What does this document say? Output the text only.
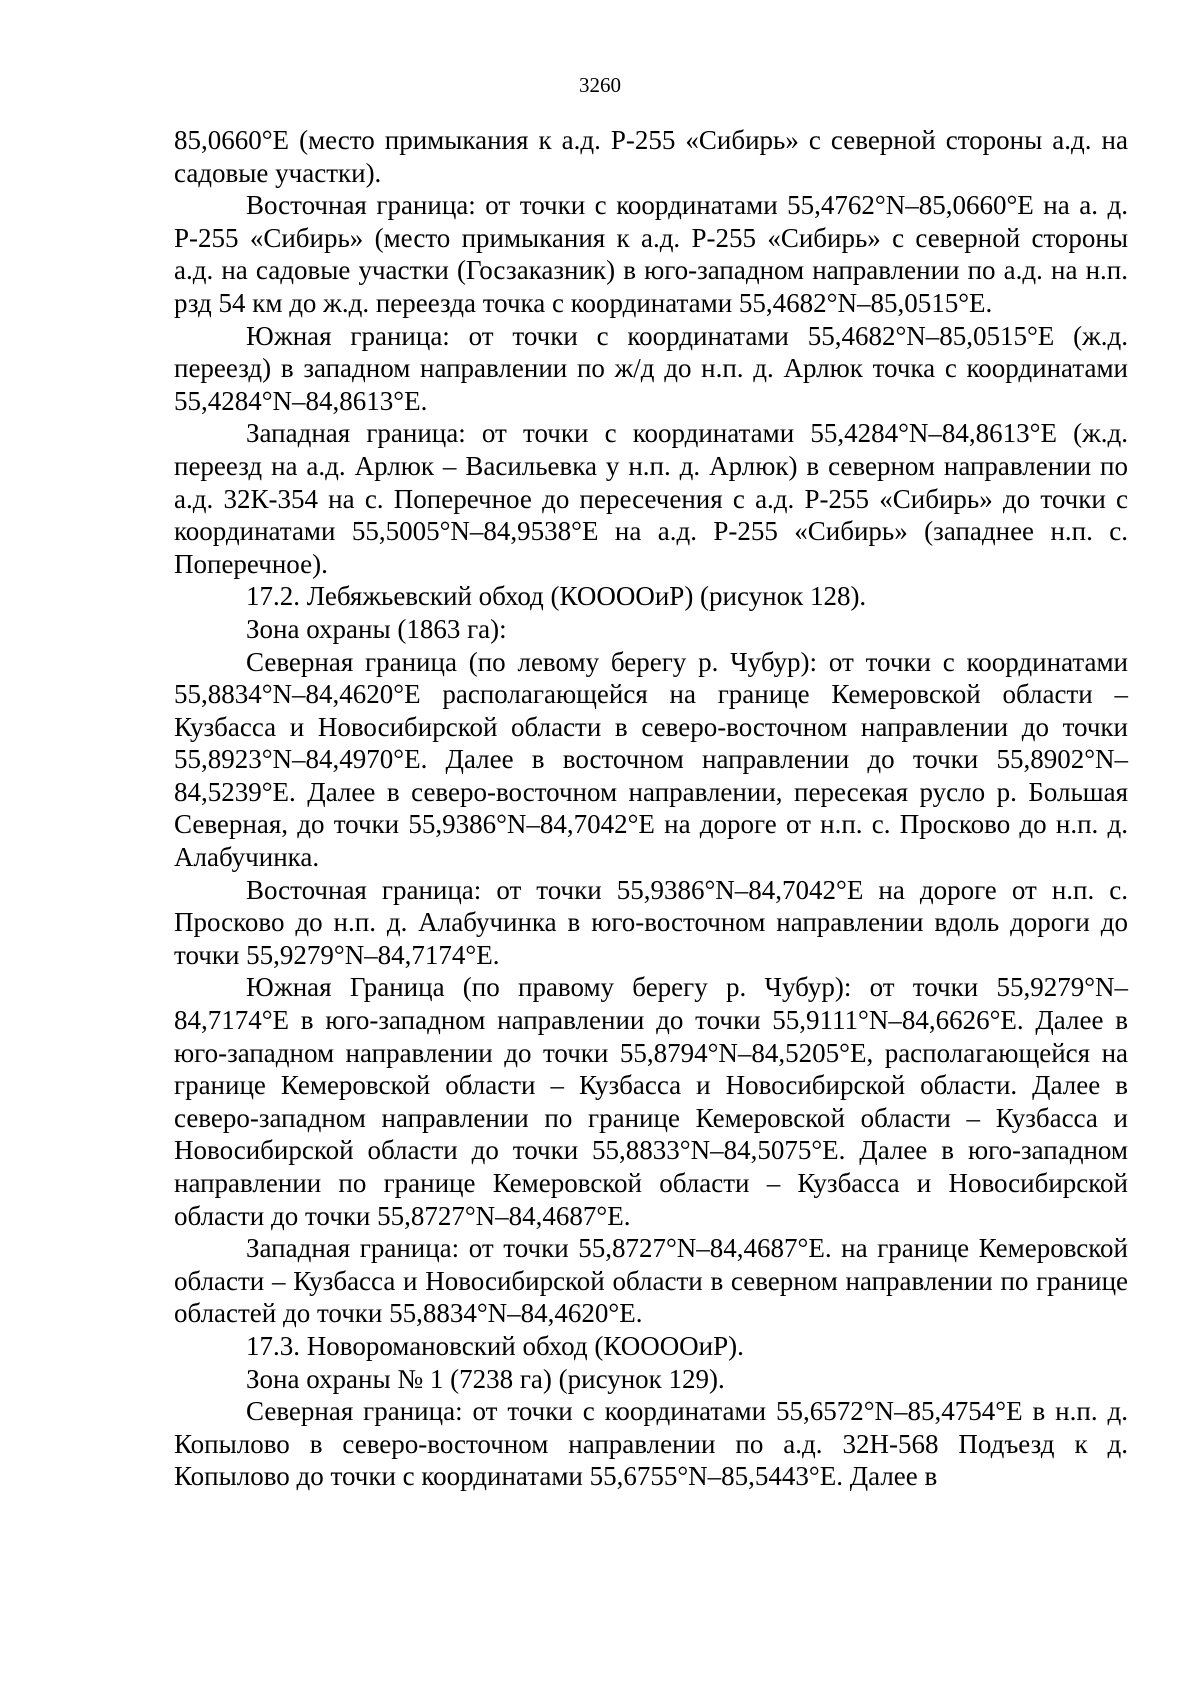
3260

85,0660°E (место примыкания к а.д. Р-255 «Сибирь» с северной стороны а.д. на садовые участки).

Восточная граница: от точки с координатами 55,4762°N–85,0660°E на а. д. Р-255 «Сибирь» (место примыкания к а.д. Р-255 «Сибирь» с северной стороны а.д. на садовые участки (Госзаказник) в юго-западном направлении по а.д. на н.п. рзд 54 км до ж.д. переезда точка с координатами 55,4682°N–85,0515°E.

Южная граница: от точки с координатами 55,4682°N–85,0515°E (ж.д. переезд) в западном направлении по ж/д до н.п. д. Арлюк точка с координатами 55,4284°N–84,8613°E.

Западная граница: от точки с координатами 55,4284°N–84,8613°E (ж.д. переезд на а.д. Арлюк – Васильевка у н.п. д. Арлюк) в северном направлении по а.д. 32К-354 на с. Поперечное до пересечения с а.д. Р-255 «Сибирь» до точки с координатами 55,5005°N–84,9538°E на а.д. Р-255 «Сибирь» (западнее н.п. с. Поперечное).

17.2. Лебяжьевский обход (КООООиР) (рисунок 128).

Зона охраны (1863 га):

Северная граница (по левому берегу р. Чубур): от точки с координатами 55,8834°N–84,4620°E располагающейся на границе Кемеровской области – Кузбасса и Новосибирской области в северо-восточном направлении до точки 55,8923°N–84,4970°E. Далее в восточном направлении до точки 55,8902°N–84,5239°E. Далее в северо-восточном направлении, пересекая русло р. Большая Северная, до точки 55,9386°N–84,7042°E на дороге от н.п. с. Просково до н.п. д. Алабучинка.

Восточная граница: от точки 55,9386°N–84,7042°E на дороге от н.п. с. Просково до н.п. д. Алабучинка в юго-восточном направлении вдоль дороги до точки 55,9279°N–84,7174°E.

Южная Граница (по правому берегу р. Чубур): от точки 55,9279°N–84,7174°E в юго-западном направлении до точки 55,9111°N–84,6626°E. Далее в юго-западном направлении до точки 55,8794°N–84,5205°E, располагающейся на границе Кемеровской области – Кузбасса и Новосибирской области. Далее в северо-западном направлении по границе Кемеровской области – Кузбасса и Новосибирской области до точки 55,8833°N–84,5075°E. Далее в юго-западном направлении по границе Кемеровской области – Кузбасса и Новосибирской области до точки 55,8727°N–84,4687°E.

Западная граница: от точки 55,8727°N–84,4687°E. на границе Кемеровской области – Кузбасса и Новосибирской области в северном направлении по границе областей до точки 55,8834°N–84,4620°E.

17.3. Новоромановский обход (КООООиР).

Зона охраны № 1 (7238 га) (рисунок 129).

Северная граница: от точки с координатами 55,6572°N–85,4754°E в н.п. д. Копылово в северо-восточном направлении по а.д. 32Н-568 Подъезд к д. Копылово до точки с координатами 55,6755°N–85,5443°E. Далее в
